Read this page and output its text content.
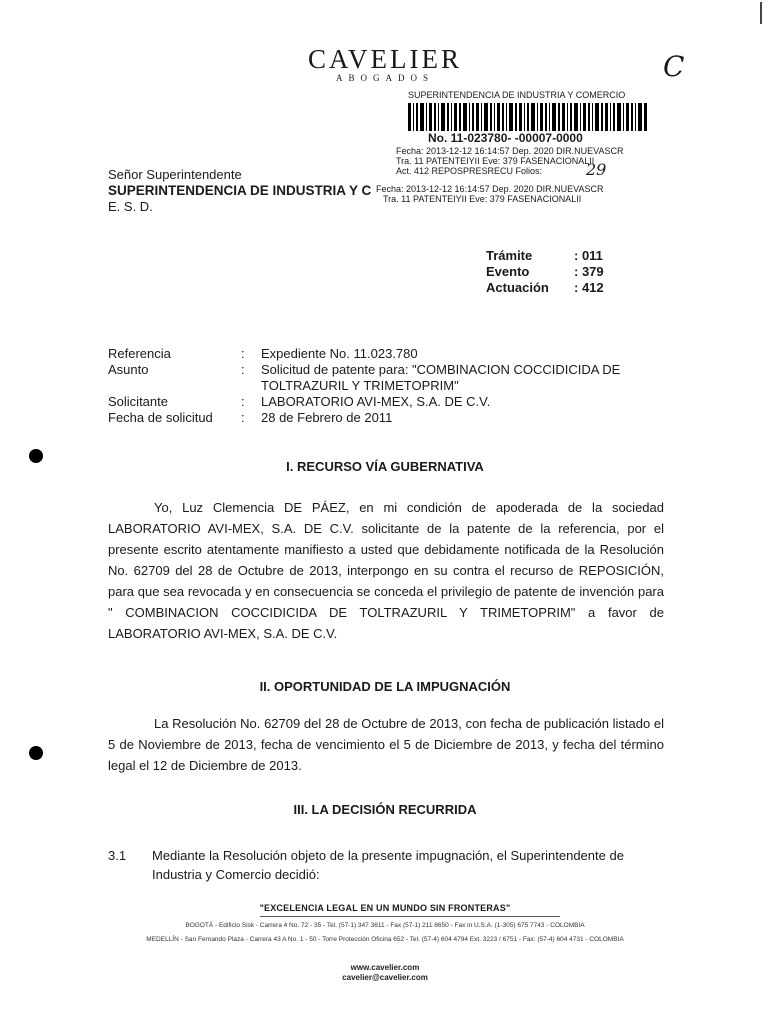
CAVELIER
ABOGADOS	C
SUPERINTENDENCIA DE INDUSTRIA Y COMERCIO
No. 11-023780- -00007-0000
Fecha: 2013-12-12 16:14:57 Dep. 2020 DIR.NUEVASCR
Tra. 11 PATENTEIYII Eve: 379 FASENACIONALII
Act. 412 REPOSPRESRECU Folios:	29
Señor Superintendente
SUPERINTENDENCIA DE INDUSTRIA Y C
E. S. D.
Fecha: 2013-12-12 16:14:57 Dep. 2020 DIR.NUEVASCR
Tra. 11 PATENTEIYII Eve: 379 FASENACIONALII
Trámite	: 011
Evento	: 379
Actuación	: 412
Referencia	:	Expediente No. 11.023.780
Asunto	:	Solicitud de patente para: "COMBINACION COCCIDICIDA DE TOLTRAZURIL Y TRIMETOPRIM"
Solicitante	:	LABORATORIO AVI-MEX, S.A. DE C.V.
Fecha de solicitud	:	28 de Febrero de 2011
I. RECURSO VÍA GUBERNATIVA
Yo, Luz Clemencia DE PÁEZ, en mi condición de apoderada de la sociedad LABORATORIO AVI-MEX, S.A. DE C.V. solicitante de la patente de la referencia, por el presente escrito atentamente manifiesto a usted que debidamente notificada de la Resolución No. 62709 del 28 de Octubre de 2013, interpongo en su contra el recurso de REPOSICIÓN, para que sea revocada y en consecuencia se conceda el privilegio de patente de invención para " COMBINACION COCCIDICIDA DE TOLTRAZURIL Y TRIMETOPRIM" a favor de LABORATORIO AVI-MEX, S.A. DE C.V.
II. OPORTUNIDAD DE LA IMPUGNACIÓN
La Resolución No. 62709 del 28 de Octubre de 2013, con fecha de publicación listado el 5 de Noviembre de 2013, fecha de vencimiento el 5 de Diciembre de 2013, y fecha del término legal el 12 de Diciembre de 2013.
III. LA DECISIÓN RECURRIDA
3.1	Mediante la Resolución objeto de la presente impugnación, el Superintendente de Industria y Comercio decidió:
"EXCELENCIA LEGAL EN UN MUNDO SIN FRONTERAS"
BOGOTÁ - Edificio Sisk - Carrera 4 No. 72 - 35 - Tel. (57-1) 347 3611 - Fax (57-1) 211 8650 - Fax in U.S.A. (1-305) 675 7743 - COLOMBIA
MEDELLÍN - San Fernando Plaza - Carrera 43 A No. 1 - 50 - Torre Protección Oficina 652 - Tel. (57-4) 604 4794 Ext. 3223 / 6751 - Fax: (57-4) 604 4731 - COLOMBIA
www.cavelier.com
cavelier@cavelier.com
